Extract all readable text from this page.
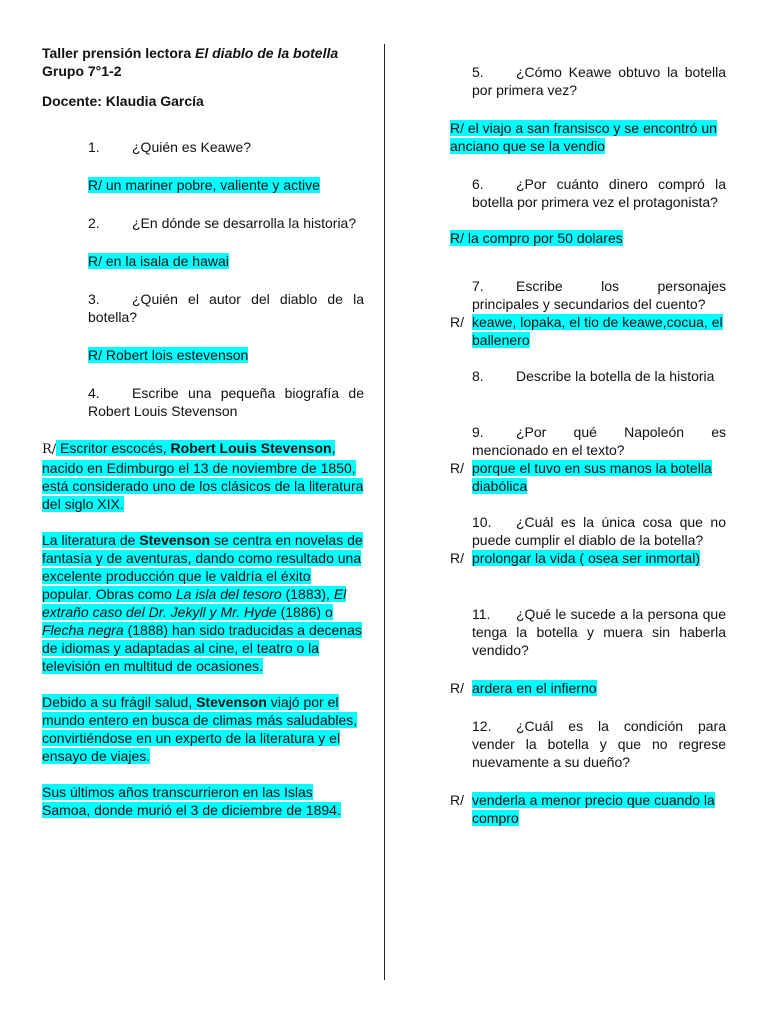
Taller prensión lectora El diablo de la botella

Grupo 7°1-2

Docente: Klaudia García

1. ¿Quién es Keawe?

R/ un mariner pobre, valiente y active

2. ¿En dónde se desarrolla la historia?

R/ en la isala de hawai

3. ¿Quién el autor del diablo de la botella?

R/ Robert lois estevenson

4. Escribe una pequeña biografía de Robert Louis Stevenson

R/ Escritor escocés, Robert Louis Stevenson, nacido en Edimburgo el 13 de noviembre de 1850, está considerado uno de los clásicos de la literatura del siglo XIX.

La literatura de Stevenson se centra en novelas de fantasía y de aventuras, dando como resultado una excelente producción que le valdría el éxito popular. Obras como La isla del tesoro (1883), El extraño caso del Dr. Jekyll y Mr. Hyde (1886) o Flecha negra (1888) han sido traducidas a decenas de idiomas y adaptadas al cine, el teatro o la televisión en multitud de ocasiones.

Debido a su frágil salud, Stevenson viajó por el mundo entero en busca de climas más saludables, convirtiéndose en un experto de la literatura y el ensayo de viajes.

Sus últimos años transcurrieron en las Islas Samoa, donde murió el 3 de diciembre de 1894.

5. ¿Cómo Keawe obtuvo la botella por primera vez?

R/ el viajo a san fransisco y se encontró un anciano que se la vendio

6. ¿Por cuánto dinero compró la botella por primera vez el protagonista?

R/ la compro por 50 dolares

7. Escribe los personajes principales y secundarios del cuento?

R/ keawe, lopaka, el tio de keawe,cocua, el ballenero

8. Describe la botella de la historia

9. ¿Por qué Napoleón es mencionado en el texto?

R/ porque el tuvo en sus manos la botella diabólica

10. ¿Cuál es la única cosa que no puede cumplir el diablo de la botella?

R/ prolongar la vida ( osea ser inmortal)

11. ¿Qué le sucede a la persona que tenga la botella y muera sin haberla vendido?

R/ ardera en el infierno

12. ¿Cuál es la condición para vender la botella y que no regrese nuevamente a su dueño?

R/ venderla a menor precio que cuando la compro
